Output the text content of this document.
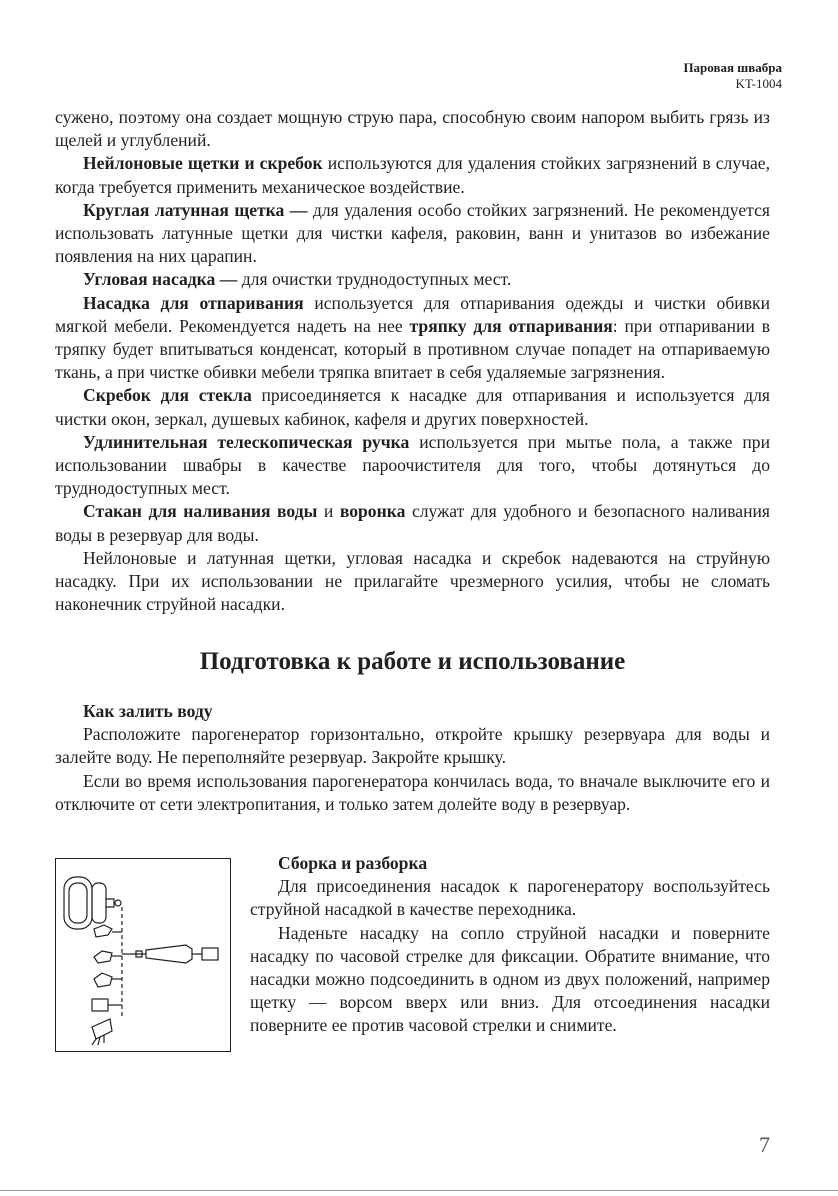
Паровая швабра
KT-1004

сужено, поэтому она создает мощную струю пара, способную своим напором выбить грязь из щелей и углублений.

Нейлоновые щетки и скребок используются для удаления стойких загрязнений в случае, когда требуется применить механическое воздействие.

Круглая латунная щетка — для удаления особо стойких загрязнений. Не рекомендуется использовать латунные щетки для чистки кафеля, раковин, ванн и унитазов во избежание появления на них царапин.

Угловая насадка — для очистки труднодоступных мест.

Насадка для отпаривания используется для отпаривания одежды и чистки обивки мягкой мебели. Рекомендуется надеть на нее тряпку для отпаривания: при отпаривании в тряпку будет впитываться конденсат, который в противном случае попадет на отпариваемую ткань, а при чистке обивки мебели тряпка впитает в себя удаляемые загрязнения.

Скребок для стекла присоединяется к насадке для отпаривания и используется для чистки окон, зеркал, душевых кабинок, кафеля и других поверхностей.

Удлинительная телескопическая ручка используется при мытье пола, а также при использовании швабры в качестве пароочистителя для того, чтобы дотянуться до труднодоступных мест.

Стакан для наливания воды и воронка служат для удобного и безопасного наливания воды в резервуар для воды.

Нейлоновые и латунная щетки, угловая насадка и скребок надеваются на струйную насадку. При их использовании не прилагайте чрезмерного усилия, чтобы не сломать наконечник струйной насадки.

Подготовка к работе и использование
Как залить воду

Расположите парогенератор горизонтально, откройте крышку резервуара для воды и залейте воду. Не переполняйте резервуар. Закройте крышку.

Если во время использования парогенератора кончилась вода, то вначале выключите его и отключите от сети электропитания, и только затем долейте воду в резервуар.

Сборка и разборка

Для присоединения насадок к парогенератору воспользуйтесь струйной насадкой в качестве переходника.

Наденьте насадку на сопло струйной насадки и поверните насадку по часовой стрелке для фиксации. Обратите внимание, что насадки можно подсоединить в одном из двух положений, например щетку — ворсом вверх или вниз. Для отсоединения насадки поверните ее против часовой стрелки и снимите.

7
